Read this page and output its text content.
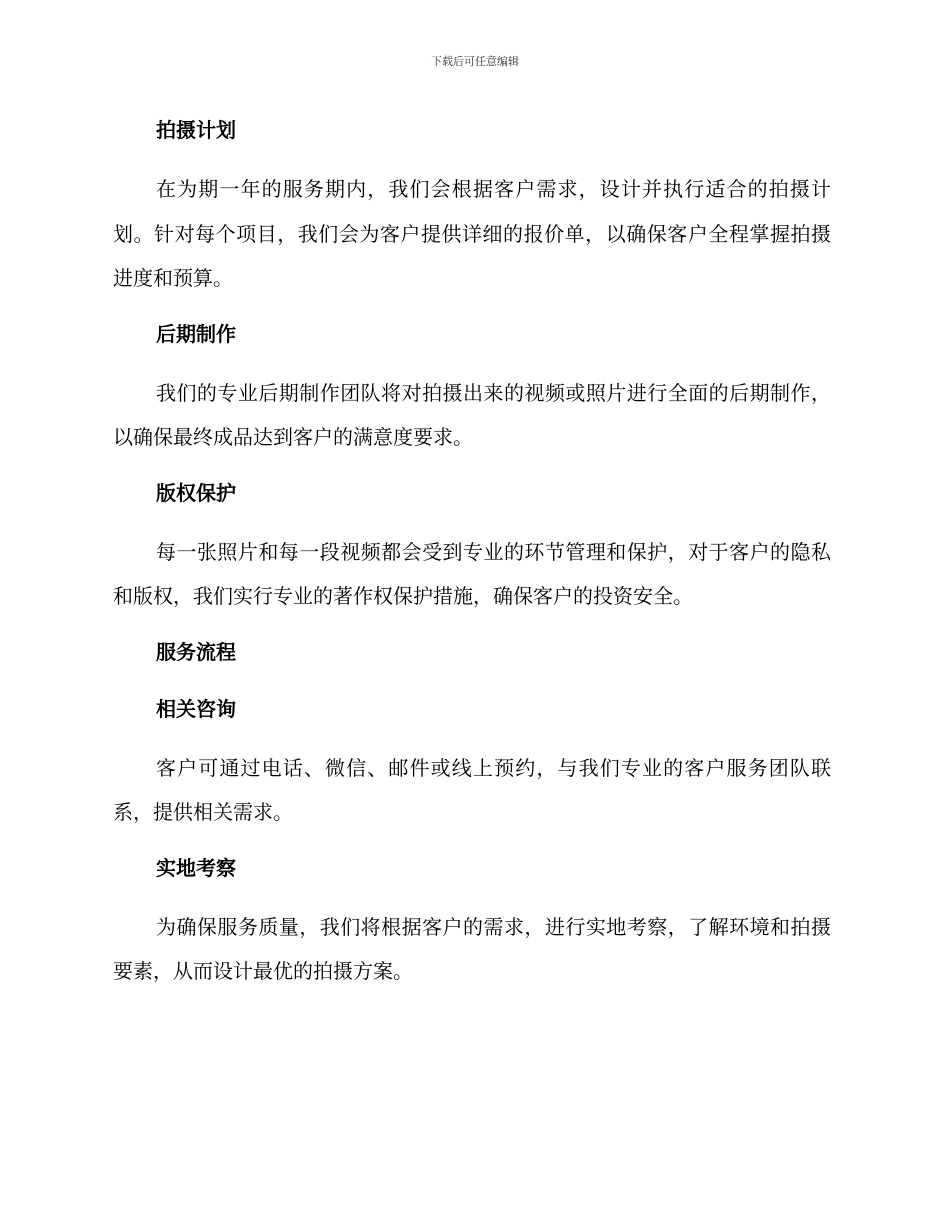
下载后可任意编辑
拍摄计划

在为期一年的服务期内，我们会根据客户需求，设计并执行适合的拍摄计划。针对每个项目，我们会为客户提供详细的报价单，以确保客户全程掌握拍摄进度和预算。

后期制作

我们的专业后期制作团队将对拍摄出来的视频或照片进行全面的后期制作，以确保最终成品达到客户的满意度要求。

版权保护

每一张照片和每一段视频都会受到专业的环节管理和保护，对于客户的隐私和版权，我们实行专业的著作权保护措施，确保客户的投资安全。

服务流程
相关咨询

客户可通过电话、微信、邮件或线上预约，与我们专业的客户服务团队联系，提供相关需求。

实地考察

为确保服务质量，我们将根据客户的需求，进行实地考察，了解环境和拍摄要素，从而设计最优的拍摄方案。
